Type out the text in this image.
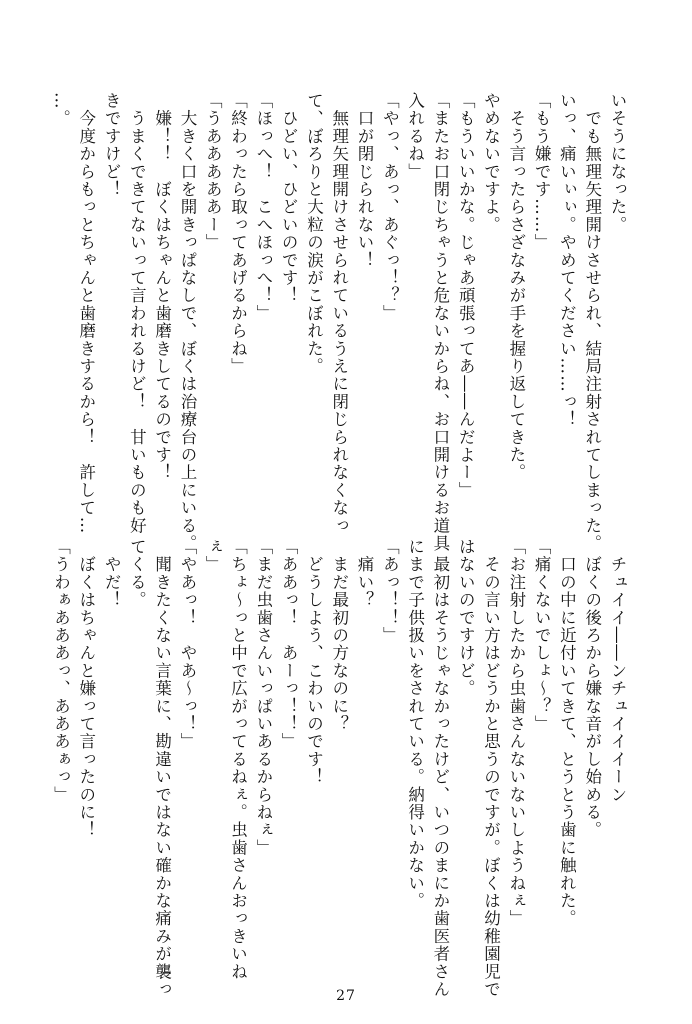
いそうになった。
　でも無理矢理開けさせられ、結局注射されてしまった。
いっ、痛いぃぃ。やめてください……っ！
「もう嫌です……」
　そう言ったらさざなみが手を握り返してきた。
やめないですよ。
「もういいかな。じゃあ頑張ってあ――んだよー」
「またお口閉じちゃうと危ないからね、お口開けるお道具
入れるね」
「やっ、あっ、あぐっ！？」
　口が閉じられない！
　無理矢理開けさせられているうえに閉じられなくなっ
て、ぼろりと大粒の涙がこぼれた。
　ひどい、ひどいのです！
「ほっへ！　こへほっへ！」
「終わったら取ってあげるからね」
「うあああああー」
　大きく口を開きっぱなしで、ぼくは治療台の上にいる。
　嫌！！　ぼくはちゃんと歯磨きしてるのです！
　うまくできてないって言われるけど！　甘いものも好
きですけど！
　今度からもっとちゃんと歯磨きするから！　許して…
…。
　チュイイ――ンチュイイイーン
　ぼくの後ろから嫌な音がし始める。
　口の中に近付いてきて、とうとう歯に触れた。
「痛くないでしょ～？」
「お注射したから虫歯さんないないしようねぇ」
　その言い方はどうかと思うのですが。ぼくは幼稚園児で
はないのですけど。
　最初はそうじゃなかったけど、いつのまにか歯医者さん
にまで子供扱いをされている。納得いかない。
「あっ！！」
　痛い？
　まだ最初の方なのに？
　どうしよう、こわいのです！
「ああっ！　あーっ！！」
「まだ虫歯さんいっぱいあるからねぇ」
「ちょ～っと中で広がってるねぇ。虫歯さんおっきいね
ぇ」
「やあっ！　やあ～っ！」
　聞きたくない言葉に、勘違いではない確かな痛みが襲っ
てくる。
　やだ！
　ぼくはちゃんと嫌って言ったのに！
「うわぁあああっ、あああぁっ」
27
